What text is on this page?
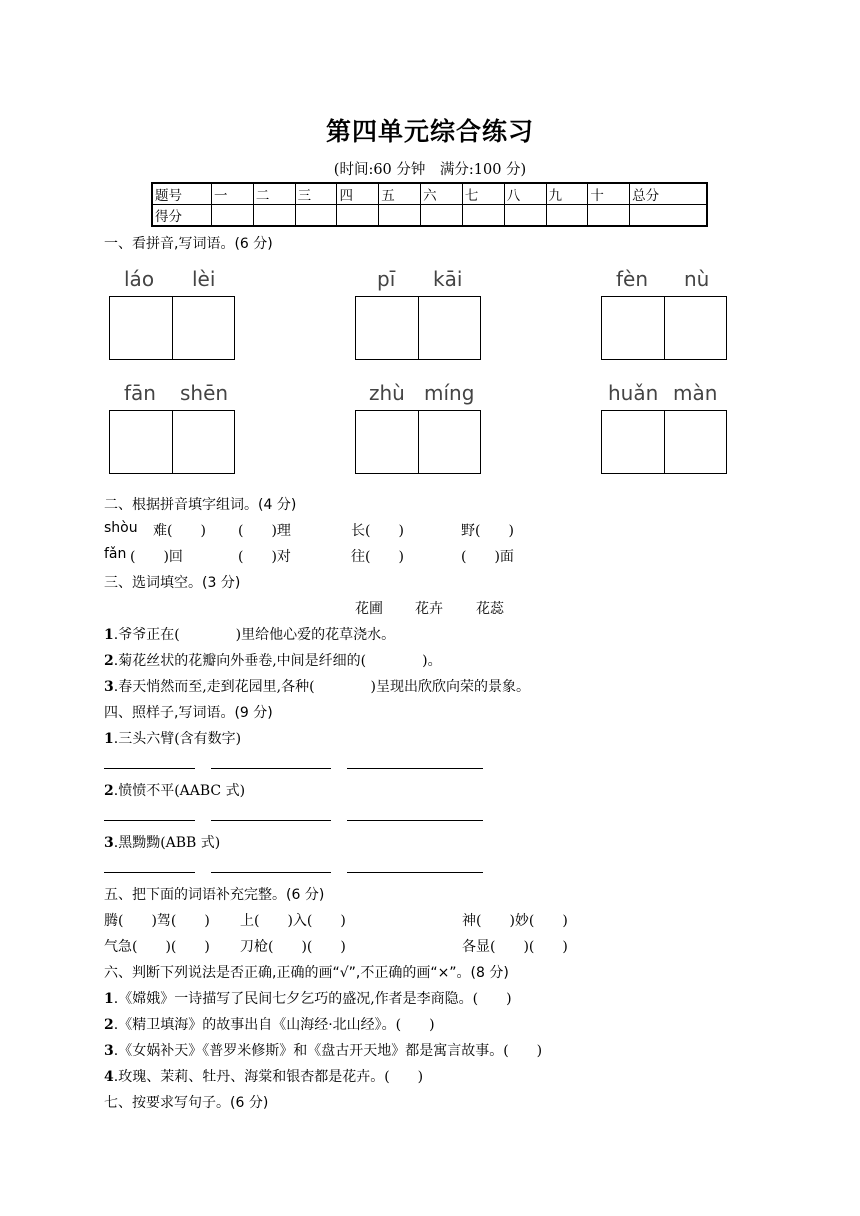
第四单元综合练习
(时间:60 分钟　满分:100 分)
题号	一	二	三	四	五	六	七	八	九	十	总分
得分											
一、看拼音,写词语。(6 分)
láo lèi	pī kāi	fèn nù
fān shēn	zhù míng	huǎn màn
二、根据拼音填字组词。(4 分)
shòu 难(　　) (　　)理	长(　　)	野(　　)
fǎn (　　)回	(　　)对	往(　　)	(　　)面
三、选词填空。(3 分)
花圃 花卉 花蕊
1.爷爷正在(　　　　)里给他心爱的花草浇水。
2.菊花丝状的花瓣向外垂卷,中间是纤细的(　　　　)。
3.春天悄然而至,走到花园里,各种(　　　　)呈现出欣欣向荣的景象。
四、照样子,写词语。(9 分)
1.三头六臂(含有数字)
2.愤愤不平(AABC 式)
3.黑黝黝(ABB 式)
五、把下面的词语补充完整。(6 分)
腾(　　)驾(　　) 上(　　)入(　　)	神(　　)妙(　　)
气急(　　)(　　) 刀枪(　　)(　　)	各显(　　)(　　)
六、判断下列说法是否正确,正确的画“√”,不正确的画“×”。(8 分)
1.《嫦娥》一诗描写了民间七夕乞巧的盛况,作者是李商隐。(　　)
2.《精卫填海》的故事出自《山海经·北山经》。(　　)
3.《女娲补天》《普罗米修斯》和《盘古开天地》都是寓言故事。(　　)
4.玫瑰、茉莉、牡丹、海棠和银杏都是花卉。(　　)
七、按要求写句子。(6 分)
